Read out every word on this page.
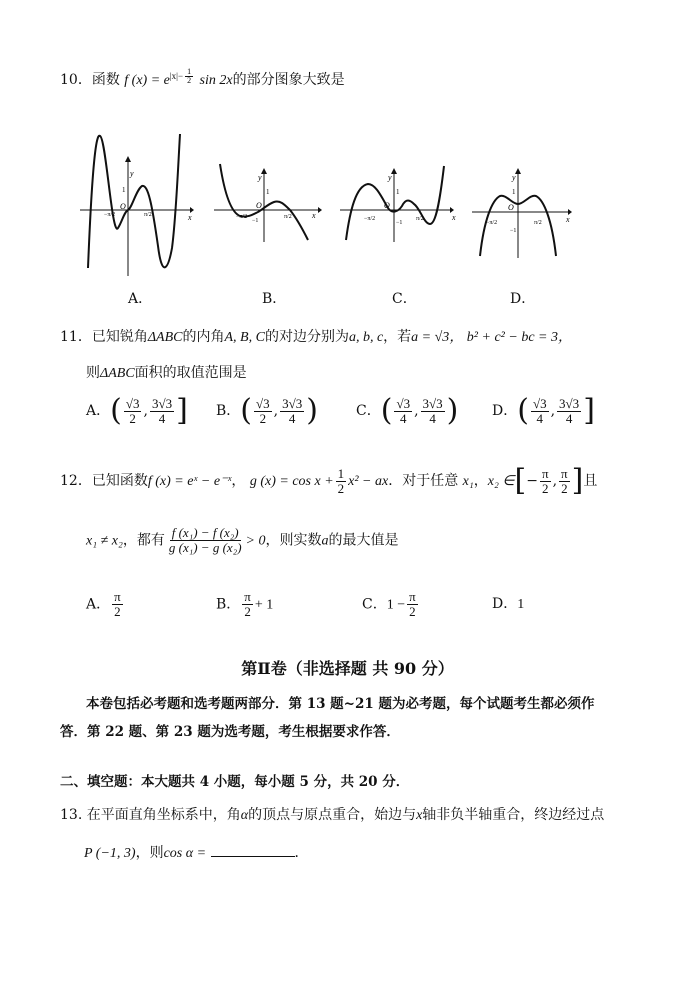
10．函数 f $(x) = e^{|x|- \frac{1}{2}}$ sin 2x的部分图象大致是
y
x
O
1
−π/2	π/2
A．
y
x
O
1
−1
−π/2	π/2
B．
y
x
O
1
−1
−π/2	π/2
C．
y
x
O
1
−1
−π/2	π/2
D．
11．已知锐角ΔABC的内角A, B, C的对边分别为a, b, c，若a = √3， b² + c² − bc = 3，
则ΔABC面积的取值范围是
A．( $\frac{√3}{2}$ , $\frac{3√3}{4}$ ] B．( $\frac{√3}{2}$ , $\frac{3√3}{4}$ )	C．( $\frac{√3}{4}$ , $\frac{3√3}{4}$ ) D．( $\frac{√3}{4}$ , $\frac{3√3}{4}$ ]
12．已知函数f (x) = eˣ − e⁻ˣ， g $(x) = \cos x + \frac{1}{2} x^2$ − ax．对于任意 x₁，x₂ ∈[− $\frac{\pi}{2}$ , $\frac{\pi}{2}$ ]且
x₁ ≠ x₂，都有 $\frac{\text{f (x₁) − f (x₂)}}{\text{g (x₁) − g (x₂)}} > 0$，则实数a的最大值是
A． $\frac{\pi}{2}$	B． $\frac{\pi}{2} + 1$	C．$1 - \frac{\pi}{2}$	D．1
第Ⅱ卷（非选择题 共 90 分）
本卷包括必考题和选考题两部分．第 13 题~21 题为必考题，每个试题考生都必须作
答．第 22 题、第 23 题为选考题，考生根据要求作答．
二、填空题：本大题共 4 小题，每小题 5 分，共 20 分．
13. 在平面直角坐标系中，角α的顶点与原点重合，始边与x轴非负半轴重合，终边经过点
P (−1, 3)，则cos α =	．
